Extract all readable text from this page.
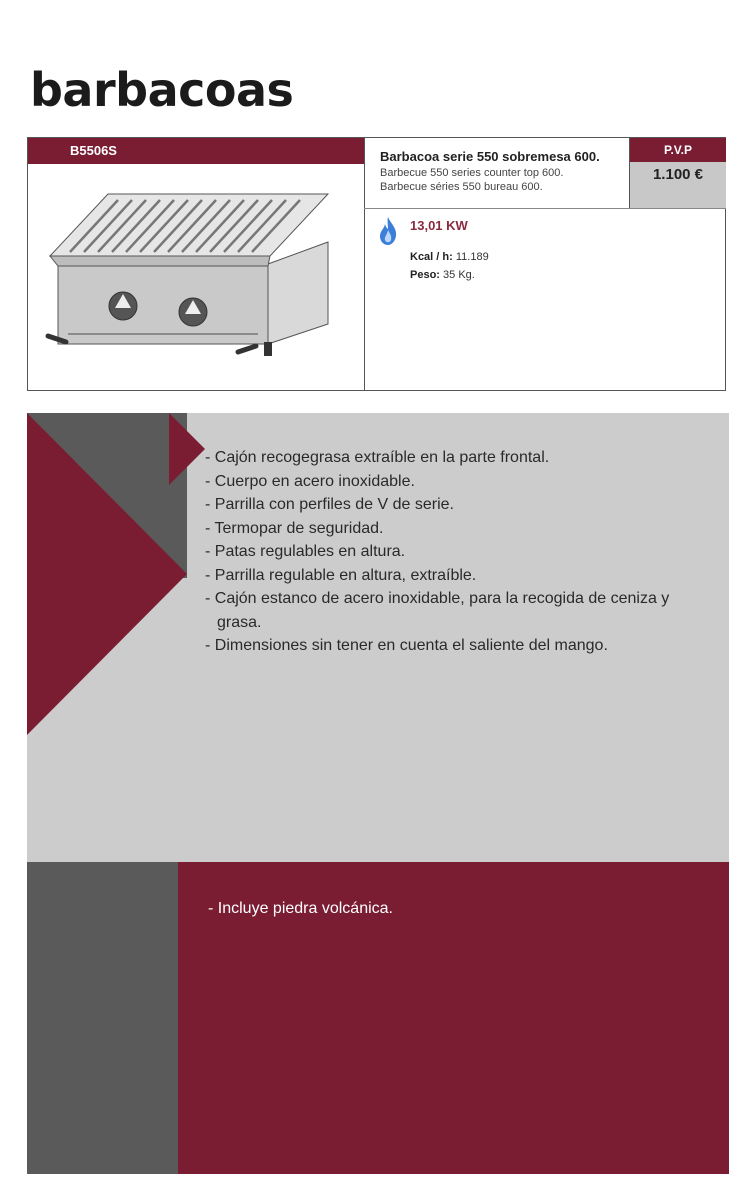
barbacoas
B5506S	Barbacoa serie 550 sobremesa 600.
Barbecue 550 series counter top 600.
Barbecue séries 550 bureau 600.
P.V.P
1.100 €
13,01 KW
Kcal / h: 11.189
Peso: 35 Kg.
- Cajón recogegrasa extraíble en la parte frontal.
- Cuerpo en acero inoxidable.
- Parrilla con perfiles de V de serie.
- Termopar de seguridad.
- Patas regulables en altura.
- Parrilla regulable en altura, extraíble.
- Cajón estanco de acero inoxidable, para la recogida de ceniza y grasa.
- Dimensiones sin tener en cuenta el saliente del mango.
- Incluye piedra volcánica.
